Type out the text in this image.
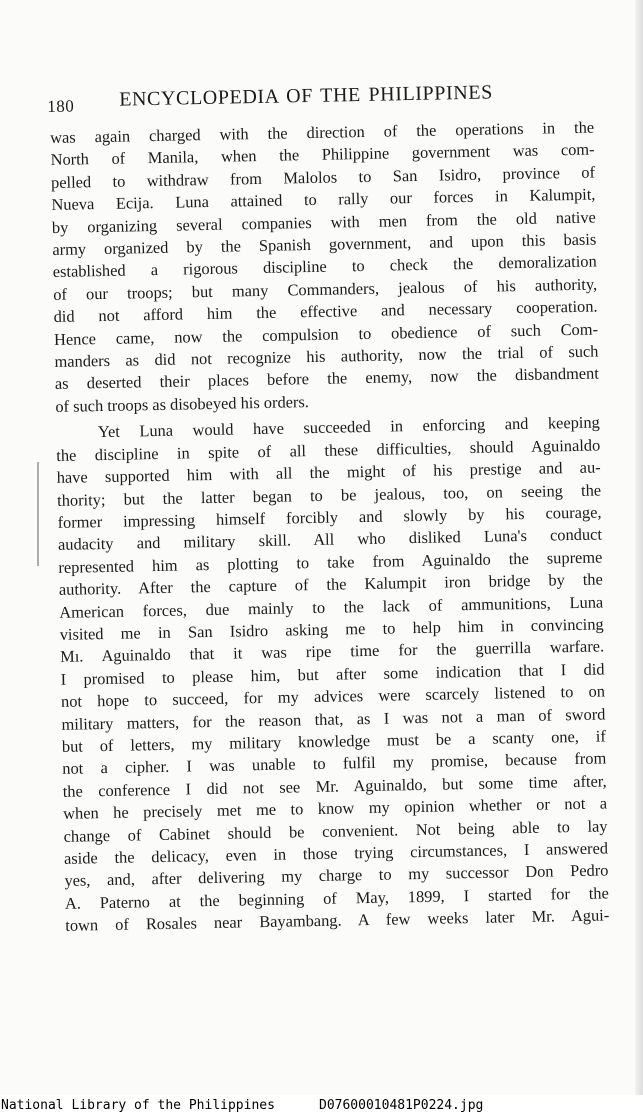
180 ENCYCLOPEDIA OF THE PHILIPPINES

was again charged with the direction of the operations in the
North of Manila, when the Philippine government was com-
pelled to withdraw from Malolos to San Isidro, province of
Nueva Ecija. Luna attained to rally our forces in Kalumpit,
by organizing several companies with men from the old native
army organized by the Spanish government, and upon this basis
established a rigorous discipline to check the demoralization
of our troops; but many Commanders, jealous of his authority,
did not afford him the effective and necessary cooperation.
Hence came, now the compulsion to obedience of such Com-
manders as did not recognize his authority, now the trial of such
as deserted their places before the enemy, now the disbandment
of such troops as disobeyed his orders.

Yet Luna would have succeeded in enforcing and keeping
the discipline in spite of all these difficulties, should Aguinaldo
have supported him with all the might of his prestige and au-
thority; but the latter began to be jealous, too, on seeing the
former impressing himself forcibly and slowly by his courage,
audacity and military skill. All who disliked Luna's conduct
represented him as plotting to take from Aguinaldo the supreme
authority. After the capture of the Kalumpit iron bridge by the
American forces, due mainly to the lack of ammunitions, Luna
visited me in San Isidro asking me to help him in convincing
Mı. Aguinaldo that it was ripe time for the guerrilla warfare.
I promised to please him, but after some indication that I did
not hope to succeed, for my advices were scarcely listened to on
military matters, for the reason that, as I was not a man of sword
but of letters, my military knowledge must be a scanty one, if
not a cipher. I was unable to fulfil my promise, because from
the conference I did not see Mr. Aguinaldo, but some time after,
when he precisely met me to know my opinion whether or not a
change of Cabinet should be convenient. Not being able to lay
aside the delicacy, even in those trying circumstances, I answered
yes, and, after delivering my charge to my successor Don Pedro
A. Paterno at the beginning of May, 1899, I started for the
town of Rosales near Bayambang. A few weeks later Mr. Agui-

National Library of the Philippines	D07600010481P0224.jpg
